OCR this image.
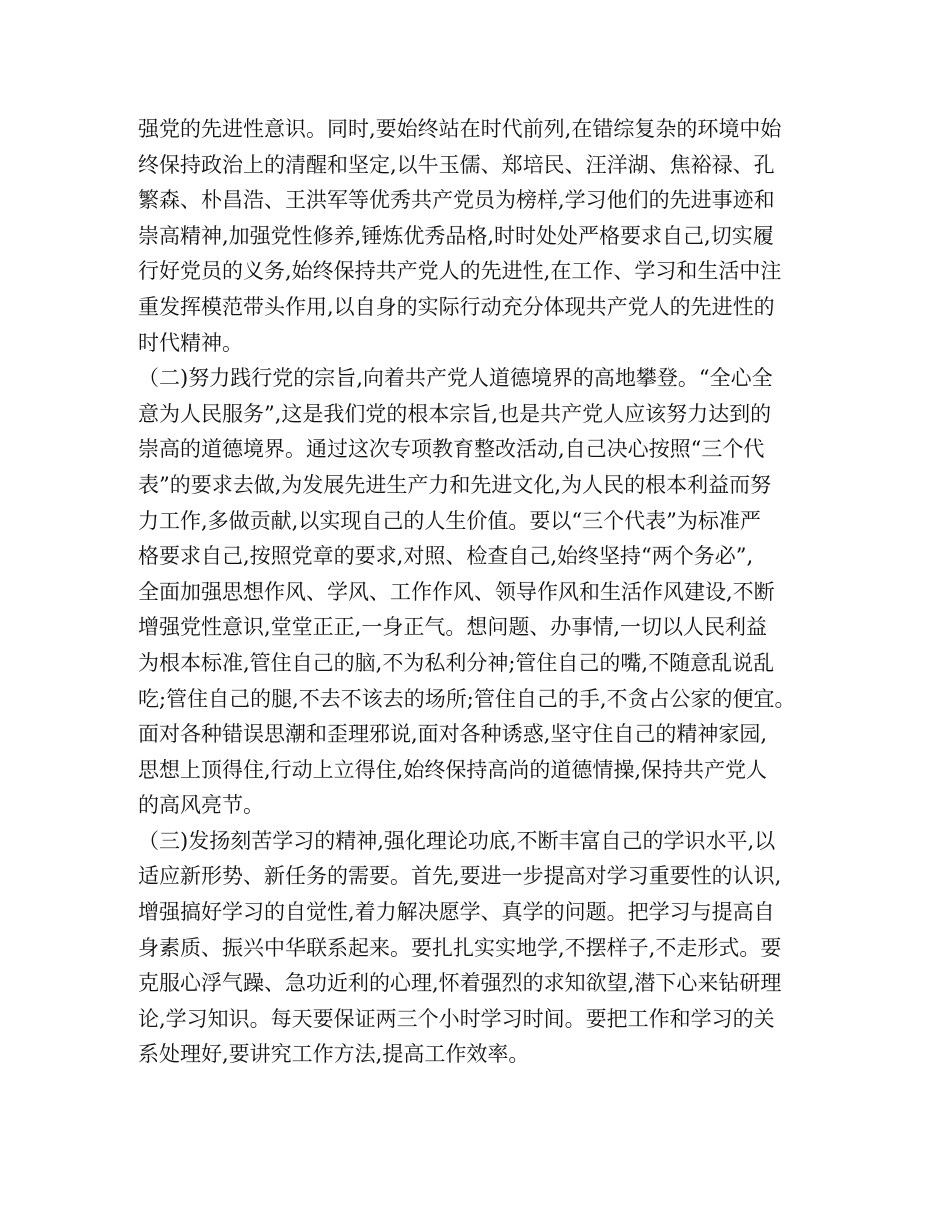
强党的先进性意识。同时,要始终站在时代前列,在错综复杂的环境中始
终保持政治上的清醒和坚定,以牛玉儒、郑培民、汪洋湖、焦裕禄、孔
繁森、朴昌浩、王洪军等优秀共产党员为榜样,学习他们的先进事迹和
崇高精神,加强党性修养,锤炼优秀品格,时时处处严格要求自己,切实履
行好党员的义务,始终保持共产党人的先进性,在工作、学习和生活中注
重发挥模范带头作用,以自身的实际行动充分体现共产党人的先进性的
时代精神。
（二)努力践行党的宗旨,向着共产党人道德境界的高地攀登。“全心全
意为人民服务”,这是我们党的根本宗旨,也是共产党人应该努力达到的
崇高的道德境界。通过这次专项教育整改活动,自己决心按照“三个代
表”的要求去做,为发展先进生产力和先进文化,为人民的根本利益而努
力工作,多做贡献,以实现自己的人生价值。要以“三个代表”为标准严
格要求自己,按照党章的要求,对照、检查自己,始终坚持“两个务必”,
全面加强思想作风、学风、工作作风、领导作风和生活作风建设,不断
增强党性意识,堂堂正正,一身正气。想问题、办事情,一切以人民利益
为根本标准,管住自己的脑,不为私利分神;管住自己的嘴,不随意乱说乱
吃;管住自己的腿,不去不该去的场所;管住自己的手,不贪占公家的便宜。
面对各种错误思潮和歪理邪说,面对各种诱惑,坚守住自己的精神家园,
思想上顶得住,行动上立得住,始终保持高尚的道德情操,保持共产党人
的高风亮节。
（三)发扬刻苦学习的精神,强化理论功底,不断丰富自己的学识水平,以
适应新形势、新任务的需要。首先,要进一步提高对学习重要性的认识,
增强搞好学习的自觉性,着力解决愿学、真学的问题。把学习与提高自
身素质、振兴中华联系起来。要扎扎实实地学,不摆样子,不走形式。要
克服心浮气躁、急功近利的心理,怀着强烈的求知欲望,潜下心来钻研理
论,学习知识。每天要保证两三个小时学习时间。要把工作和学习的关
系处理好,要讲究工作方法,提高工作效率。
